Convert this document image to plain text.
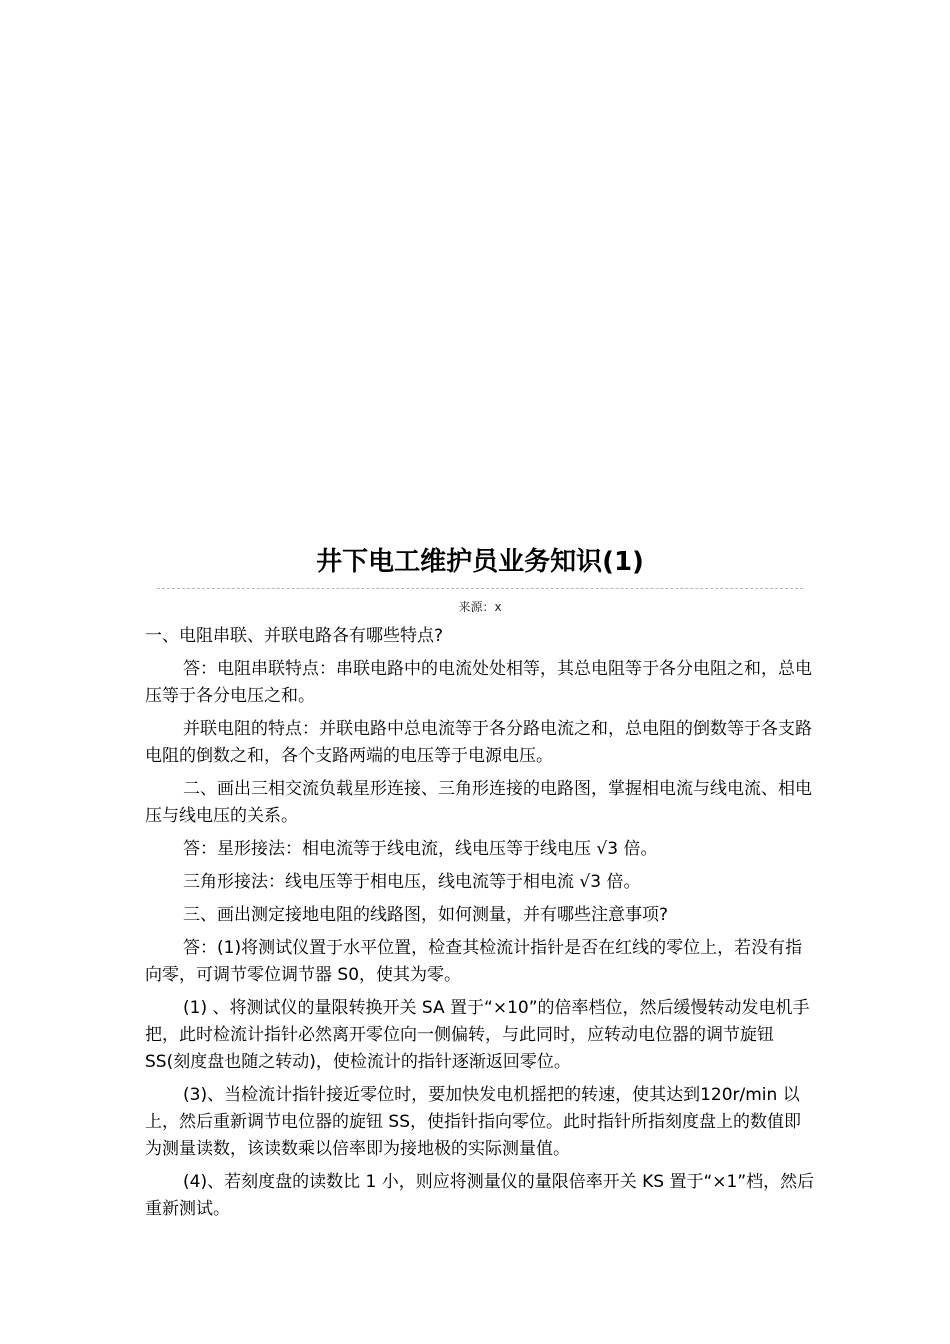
井下电工维护员业务知识(1)
来源：x

一、电阻串联、并联电路各有哪些特点?

答：电阻串联特点：串联电路中的电流处处相等，其总电阻等于各分电阻之和，总电压等于各分电压之和。

并联电阻的特点：并联电路中总电流等于各分路电流之和，总电阻的倒数等于各支路电阻的倒数之和，各个支路两端的电压等于电源电压。

二、画出三相交流负载星形连接、三角形连接的电路图，掌握相电流与线电流、相电压与线电压的关系。

答：星形接法：相电流等于线电流，线电压等于线电压 √3 倍。

三角形接法：线电压等于相电压，线电流等于相电流 √3 倍。

三、画出测定接地电阻的线路图，如何测量，并有哪些注意事项?

答：(1)将测试仪置于水平位置，检查其检流计指针是否在红线的零位上，若没有指向零，可调节零位调节器 S0，使其为零。

(1) 、将测试仪的量限转换开关 SA 置于“×10”的倍率档位，然后缓慢转动发电机手把，此时检流计指针必然离开零位向一侧偏转，与此同时，应转动电位器的调节旋钮 SS(刻度盘也随之转动)，使检流计的指针逐渐返回零位。

(3)、当检流计指针接近零位时，要加快发电机摇把的转速，使其达到120r/min 以上，然后重新调节电位器的旋钮 SS，使指针指向零位。此时指针所指刻度盘上的数值即为测量读数，该读数乘以倍率即为接地极的实际测量值。

(4)、若刻度盘的读数比 1 小，则应将测量仪的量限倍率开关 KS 置于“×1”档，然后重新测试。
